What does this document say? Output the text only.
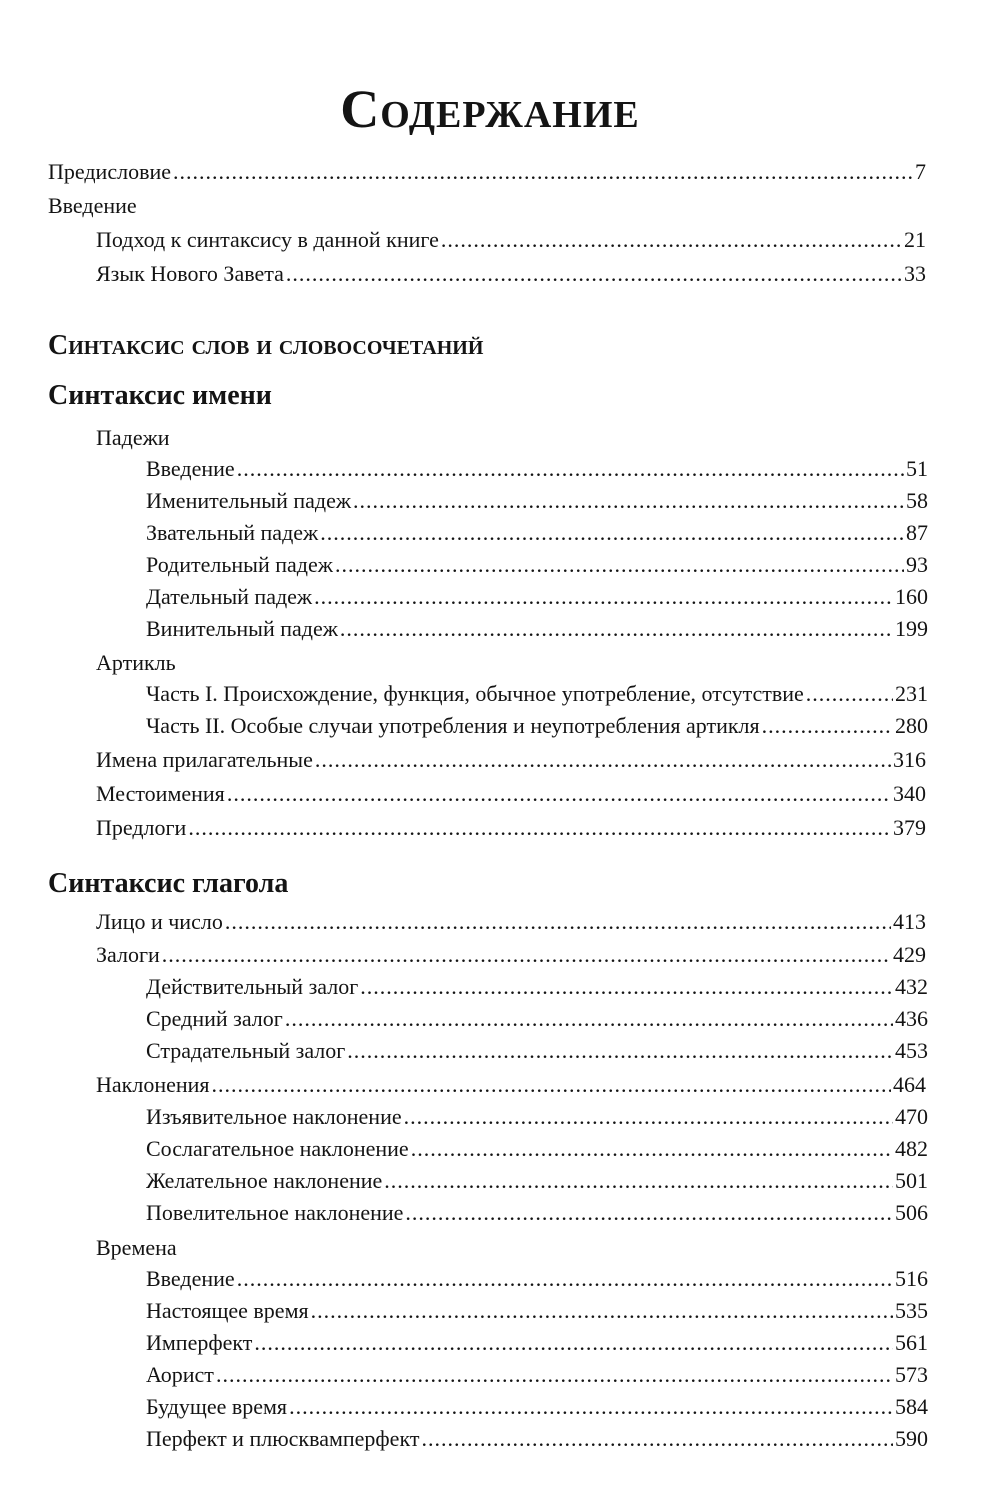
Содержание
Предисловие .....	7
Введение
Подход к синтаксису в данной книге .....	21
Язык Нового Завета .....	33
Синтаксис слов и словосочетаний
Синтаксис имени
Падежи
Введение .....	51
Именительный падеж .....	58
Звательный падеж .....	87
Родительный падеж .....	93
Дательный падеж .....	160
Винительный падеж .....	199
Артикль
Часть I. Происхождение, функция, обычное употребление, отсутствие .....	231
Часть II. Особые случаи употребления и неупотребления артикля .....	280
Имена прилагательные .....	316
Местоимения .....	340
Предлоги .....	379
Синтаксис глагола
Лицо и число .....	413
Залоги .....	429
Действительный залог .....	432
Средний залог .....	436
Страдательный залог .....	453
Наклонения .....	464
Изъявительное наклонение .....	470
Сослагательное наклонение .....	482
Желательное наклонение .....	501
Повелительное наклонение .....	506
Времена
Введение .....	516
Настоящее время .....	535
Имперфект .....	561
Аорист .....	573
Будущее время .....	584
Перфект и плюсквамперфект .....	590
